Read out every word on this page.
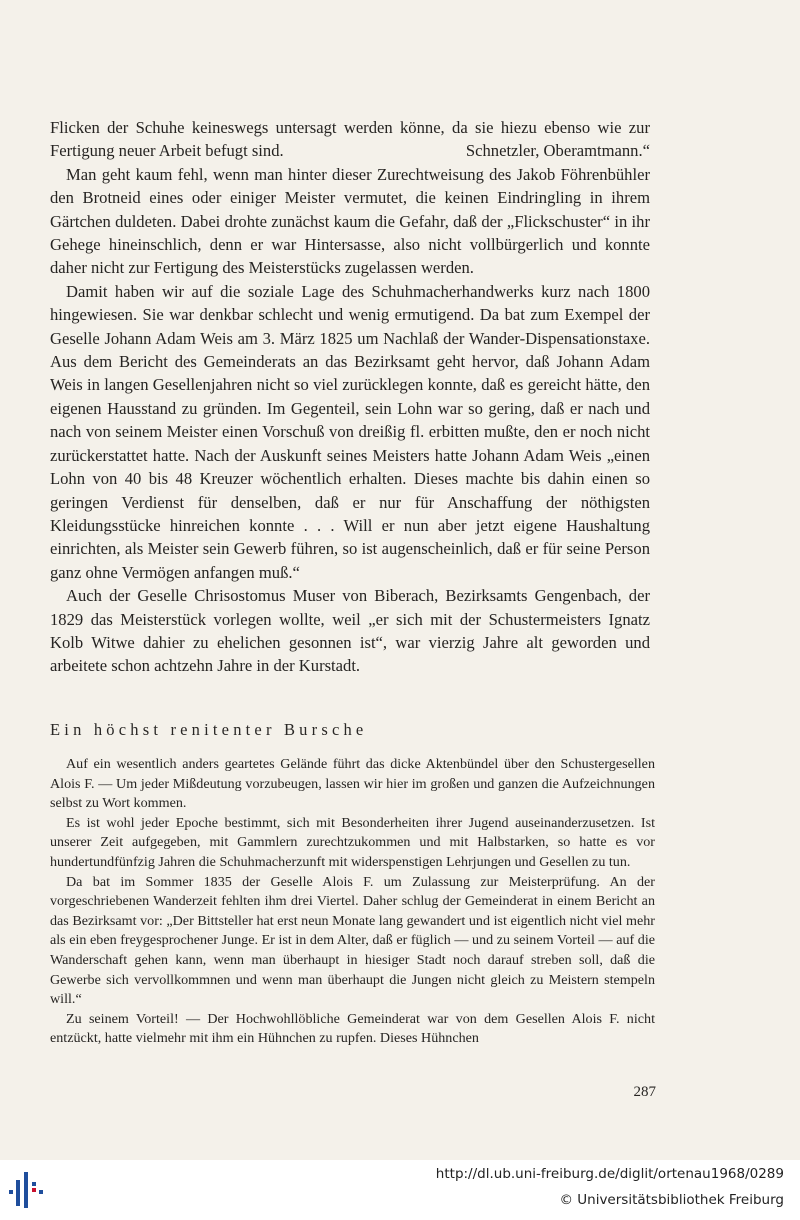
Flicken der Schuhe keineswegs untersagt werden könne, da sie hiezu ebenso wie zur Fertigung neuer Arbeit befugt sind.	Schnetzler, Oberamtmann.“

Man geht kaum fehl, wenn man hinter dieser Zurechtweisung des Jakob Föhrenbühler den Brotneid eines oder einiger Meister vermutet, die keinen Eindringling in ihrem Gärtchen duldeten. Dabei drohte zunächst kaum die Gefahr, daß der „Flickschuster“ in ihr Gehege hineinschlich, denn er war Hintersasse, also nicht vollbürgerlich und konnte daher nicht zur Fertigung des Meisterstücks zugelassen werden.

Damit haben wir auf die soziale Lage des Schuhmacherhandwerks kurz nach 1800 hingewiesen. Sie war denkbar schlecht und wenig ermutigend. Da bat zum Exempel der Geselle Johann Adam Weis am 3. März 1825 um Nachlaß der Wander-Dispensationstaxe. Aus dem Bericht des Gemeinderats an das Bezirksamt geht hervor, daß Johann Adam Weis in langen Gesellenjahren nicht so viel zurücklegen konnte, daß es gereicht hätte, den eigenen Hausstand zu gründen. Im Gegenteil, sein Lohn war so gering, daß er nach und nach von seinem Meister einen Vorschuß von dreißig fl. erbitten mußte, den er noch nicht zurückerstattet hatte. Nach der Auskunft seines Meisters hatte Johann Adam Weis „einen Lohn von 40 bis 48 Kreuzer wöchentlich erhalten. Dieses machte bis dahin einen so geringen Verdienst für denselben, daß er nur für Anschaffung der nöthigsten Kleidungsstücke hinreichen konnte . . . Will er nun aber jetzt eigene Haushaltung einrichten, als Meister sein Gewerb führen, so ist augenscheinlich, daß er für seine Person ganz ohne Vermögen anfangen muß.“

Auch der Geselle Chrisostomus Muser von Biberach, Bezirksamts Gengenbach, der 1829 das Meisterstück vorlegen wollte, weil „er sich mit der Schustermeisters Ignatz Kolb Witwe dahier zu ehelichen gesonnen ist“, war vierzig Jahre alt geworden und arbeitete schon achtzehn Jahre in der Kurstadt.

Ein höchst renitenter Bursche

Auf ein wesentlich anders geartetes Gelände führt das dicke Aktenbündel über den Schustergesellen Alois F. — Um jeder Mißdeutung vorzubeugen, lassen wir hier im großen und ganzen die Aufzeichnungen selbst zu Wort kommen.

Es ist wohl jeder Epoche bestimmt, sich mit Besonderheiten ihrer Jugend auseinanderzusetzen. Ist unserer Zeit aufgegeben, mit Gammlern zurechtzukommen und mit Halbstarken, so hatte es vor hundertundfünfzig Jahren die Schuhmacherzunft mit widerspenstigen Lehrjungen und Gesellen zu tun.

Da bat im Sommer 1835 der Geselle Alois F. um Zulassung zur Meisterprüfung. An der vorgeschriebenen Wanderzeit fehlten ihm drei Viertel. Daher schlug der Gemeinderat in einem Bericht an das Bezirksamt vor: „Der Bittsteller hat erst neun Monate lang gewandert und ist eigentlich nicht viel mehr als ein eben freygesprochener Junge. Er ist in dem Alter, daß er füglich — und zu seinem Vorteil — auf die Wanderschaft gehen kann, wenn man überhaupt in hiesiger Stadt noch darauf streben soll, daß die Gewerbe sich vervollkommnen und wenn man überhaupt die Jungen nicht gleich zu Meistern stempeln will.“

Zu seinem Vorteil! — Der Hochwohllöbliche Gemeinderat war von dem Gesellen Alois F. nicht entzückt, hatte vielmehr mit ihm ein Hühnchen zu rupfen. Dieses Hühnchen

287
http://dl.ub.uni-freiburg.de/diglit/ortenau1968/0289
© Universitätsbibliothek Freiburg
